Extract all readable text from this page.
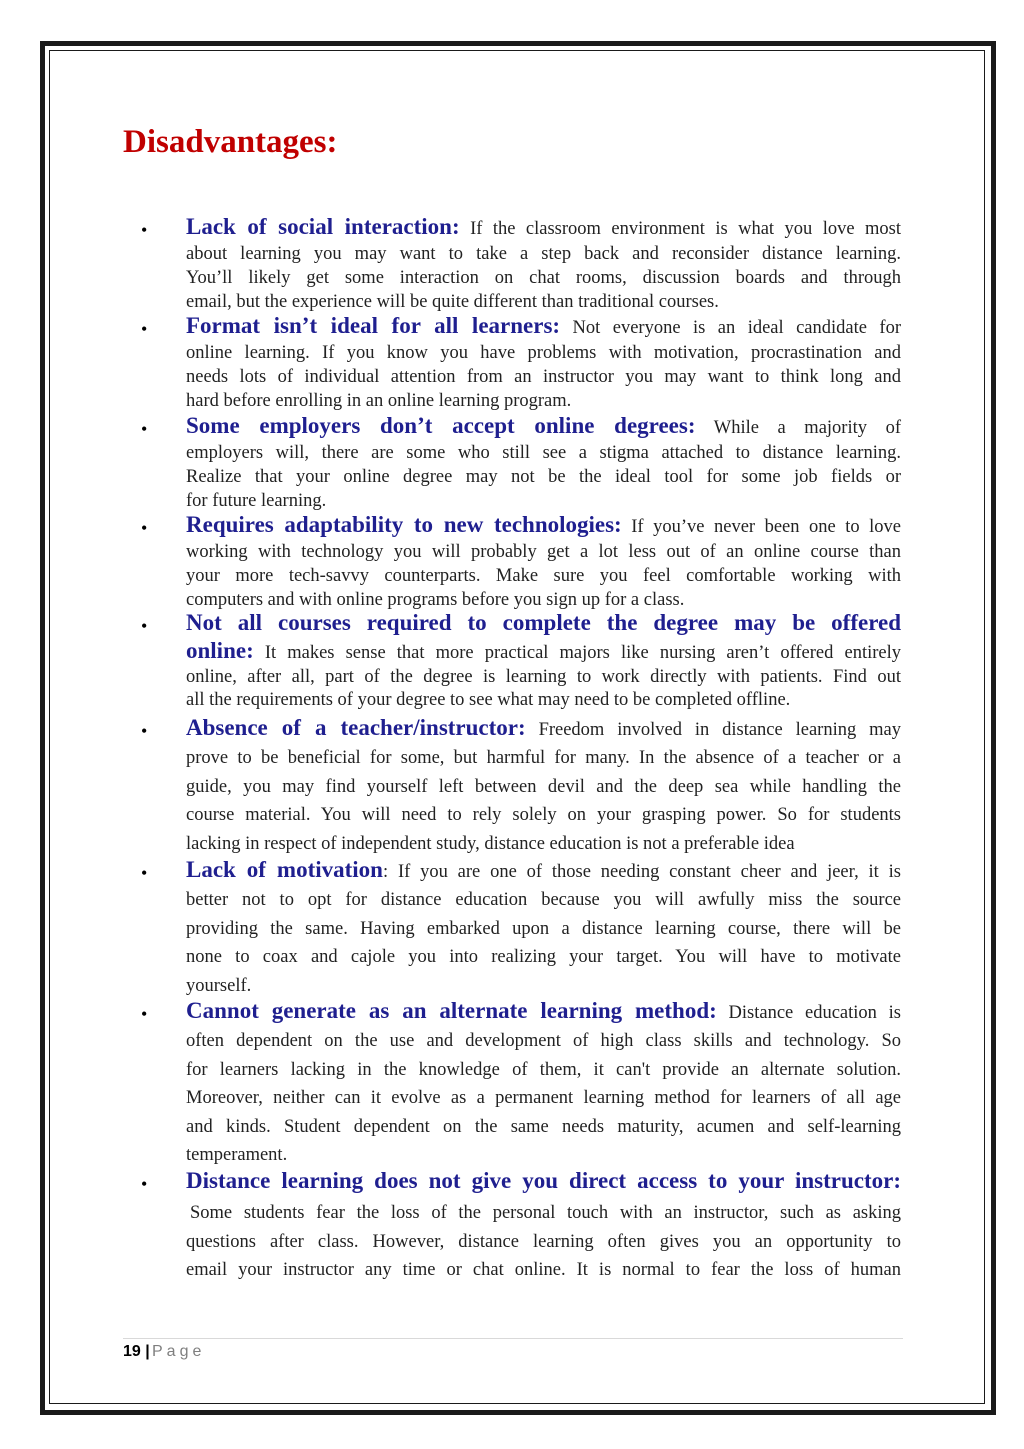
Disadvantages:
• Lack of social interaction: If the classroom environment is what you love most
about learning you may want to take a step back and reconsider distance learning.
You’ll likely get some interaction on chat rooms, discussion boards and through
email, but the experience will be quite different than traditional courses.
• Format isn’t ideal for all learners: Not everyone is an ideal candidate for
online learning. If you know you have problems with motivation, procrastination and
needs lots of individual attention from an instructor you may want to think long and
hard before enrolling in an online learning program.
• Some employers don’t accept online degrees: While a majority of
employers will, there are some who still see a stigma attached to distance learning.
Realize that your online degree may not be the ideal tool for some job fields or
for future learning.
• Requires adaptability to new technologies: If you’ve never been one to love
working with technology you will probably get a lot less out of an online course than
your more tech-savvy counterparts. Make sure you feel comfortable working with
computers and with online programs before you sign up for a class.
• Not all courses required to complete the degree may be offered
online: It makes sense that more practical majors like nursing aren’t offered entirely
online, after all, part of the degree is learning to work directly with patients. Find out
all the requirements of your degree to see what may need to be completed offline.
• Absence of a teacher/instructor: Freedom involved in distance learning may
prove to be beneficial for some, but harmful for many. In the absence of a teacher or a
guide, you may find yourself left between devil and the deep sea while handling the
course material. You will need to rely solely on your grasping power. So for students
lacking in respect of independent study, distance education is not a preferable idea
• Lack of motivation: If you are one of those needing constant cheer and jeer, it is
better not to opt for distance education because you will awfully miss the source
providing the same. Having embarked upon a distance learning course, there will be
none to coax and cajole you into realizing your target. You will have to motivate
yourself.
• Cannot generate as an alternate learning method: Distance education is
often dependent on the use and development of high class skills and technology. So
for learners lacking in the knowledge of them, it can't provide an alternate solution.
Moreover, neither can it evolve as a permanent learning method for learners of all age
and kinds. Student dependent on the same needs maturity, acumen and self-learning
temperament.
• Distance learning does not give you direct access to your instructor:
Some students fear the loss of the personal touch with an instructor, such as asking
questions after class. However, distance learning often gives you an opportunity to
email your instructor any time or chat online. It is normal to fear the loss of human
19 | Page
